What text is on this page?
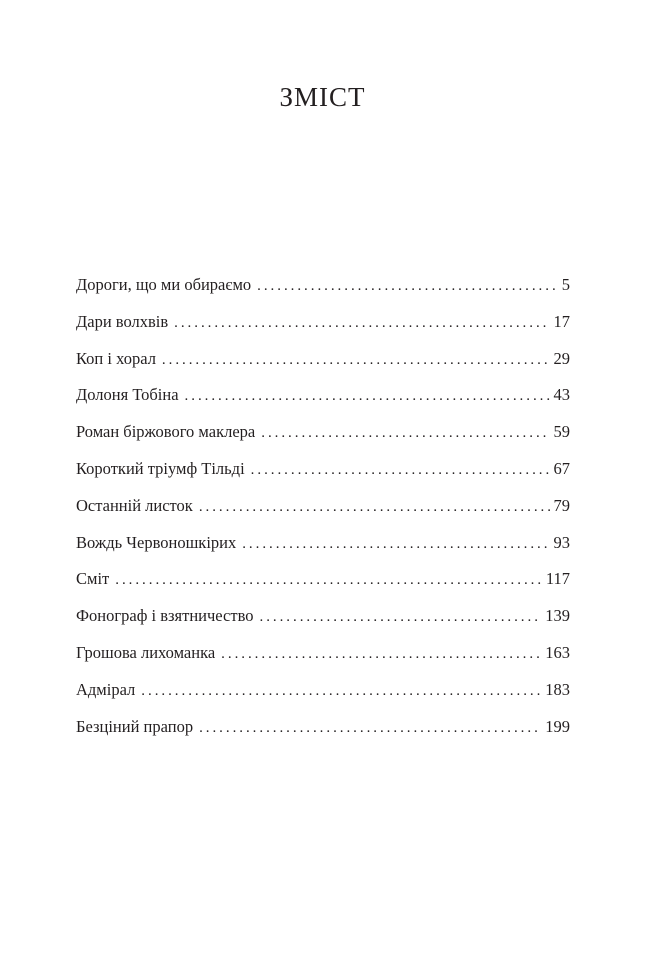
ЗМІСТ
Дороги, що ми обираємо . . .	5
Дари волхвів . . .	17
Коп і хорал . . .	29
Долоня Тобіна . . .	43
Роман біржового маклера . . .	59
Короткий тріумф Тільді . . .	67
Останній листок . . .	79
Вождь Червоношкірих . . .	93
Сміт . . .	117
Фонограф і взятничество . . .	139
Грошова лихоманка . . .	163
Адмірал . . .	183
Безціний прапор . . .	199
